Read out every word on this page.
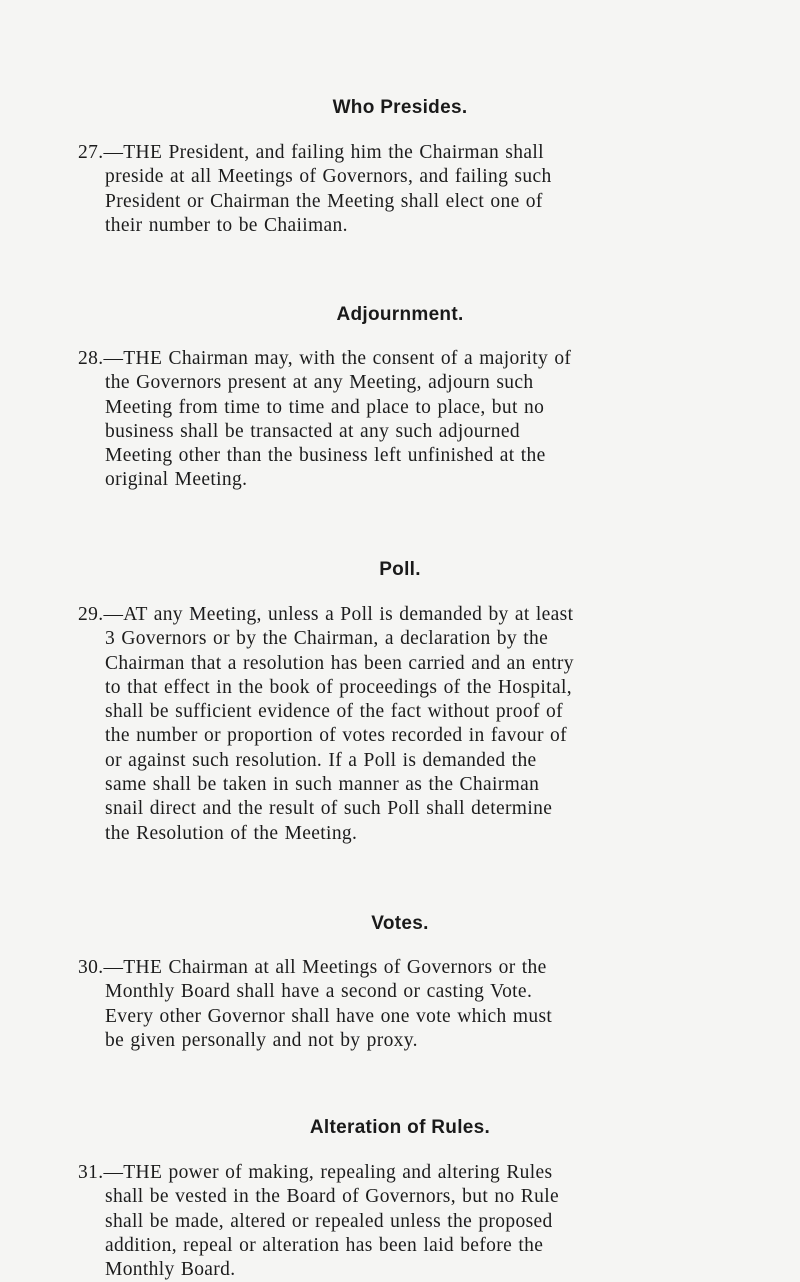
Who Presides.
27.—THE President, and failing him the Chairman shall
preside at all Meetings of Governors, and failing such
President or Chairman the Meeting shall elect one of
their number to be Chaiiman.
Adjournment.
28.—THE Chairman may, with the consent of a majority of
the Governors present at any Meeting, adjourn such
Meeting from time to time and place to place, but no
business shall be transacted at any such adjourned
Meeting other than the business left unfinished at the
original Meeting.
Poll.
29.—AT any Meeting, unless a Poll is demanded by at least
3 Governors or by the Chairman, a declaration by the
Chairman that a resolution has been carried and an entry
to that effect in the book of proceedings of the Hospital,
shall be sufficient evidence of the fact without proof of
the number or proportion of votes recorded in favour of
or against such resolution. If a Poll is demanded the
same shall be taken in such manner as the Chairman
snail direct and the result of such Poll shall determine
the Resolution of the Meeting.
Votes.
30.—THE Chairman at all Meetings of Governors or the
Monthly Board shall have a second or casting Vote.
Every other Governor shall have one vote which must
be given personally and not by proxy.
Alteration of Rules.
31.—THE power of making, repealing and altering Rules
shall be vested in the Board of Governors, but no Rule
shall be made, altered or repealed unless the proposed
addition, repeal or alteration has been laid before the
Monthly Board.
